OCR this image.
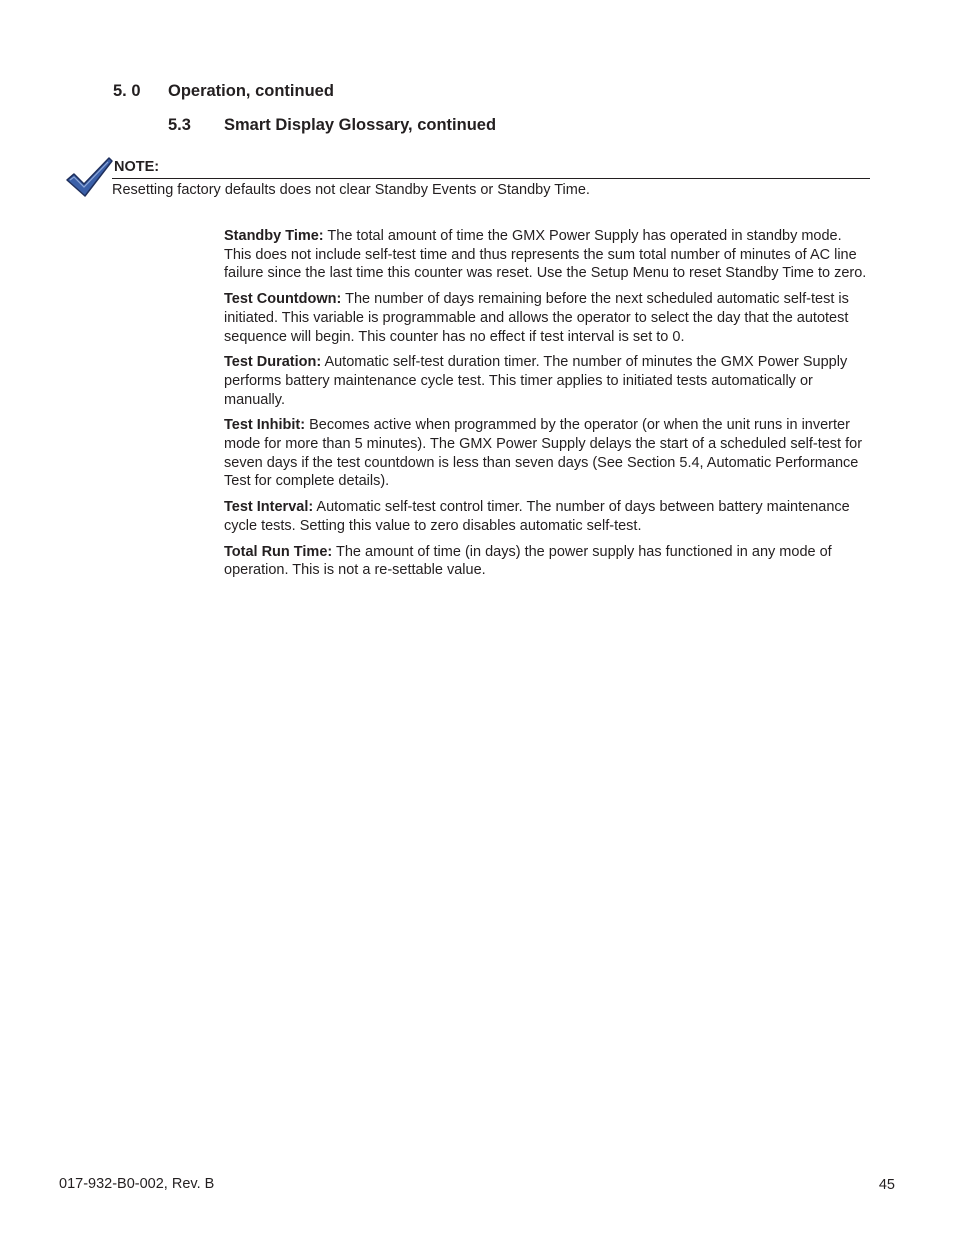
5. 0 Operation, continued
5.3 Smart Display Glossary, continued
NOTE:
Resetting factory defaults does not clear Standby Events or Standby Time.

Standby Time: The total amount of time the GMX Power Supply has operated in standby mode. This does not include self-test time and thus represents the sum total number of minutes of AC line failure since the last time this counter was reset. Use the Setup Menu to reset Standby Time to zero.

Test Countdown: The number of days remaining before the next scheduled automatic self-test is initiated. This variable is programmable and allows the operator to select the day that the autotest sequence will begin. This counter has no effect if test interval is set to 0.

Test Duration: Automatic self-test duration timer. The number of minutes the GMX Power Supply performs battery maintenance cycle test. This timer applies to initiated tests automatically or manually.

Test Inhibit: Becomes active when programmed by the operator (or when the unit runs in inverter mode for more than 5 minutes). The GMX Power Supply delays the start of a scheduled self-test for seven days if the test countdown is less than seven days (See Section 5.4, Automatic Performance Test for complete details).

Test Interval: Automatic self-test control timer. The number of days between battery maintenance cycle tests. Setting this value to zero disables automatic self-test.

Total Run Time: The amount of time (in days) the power supply has functioned in any mode of operation. This is not a re-settable value.

017-932-B0-002, Rev. B	45
